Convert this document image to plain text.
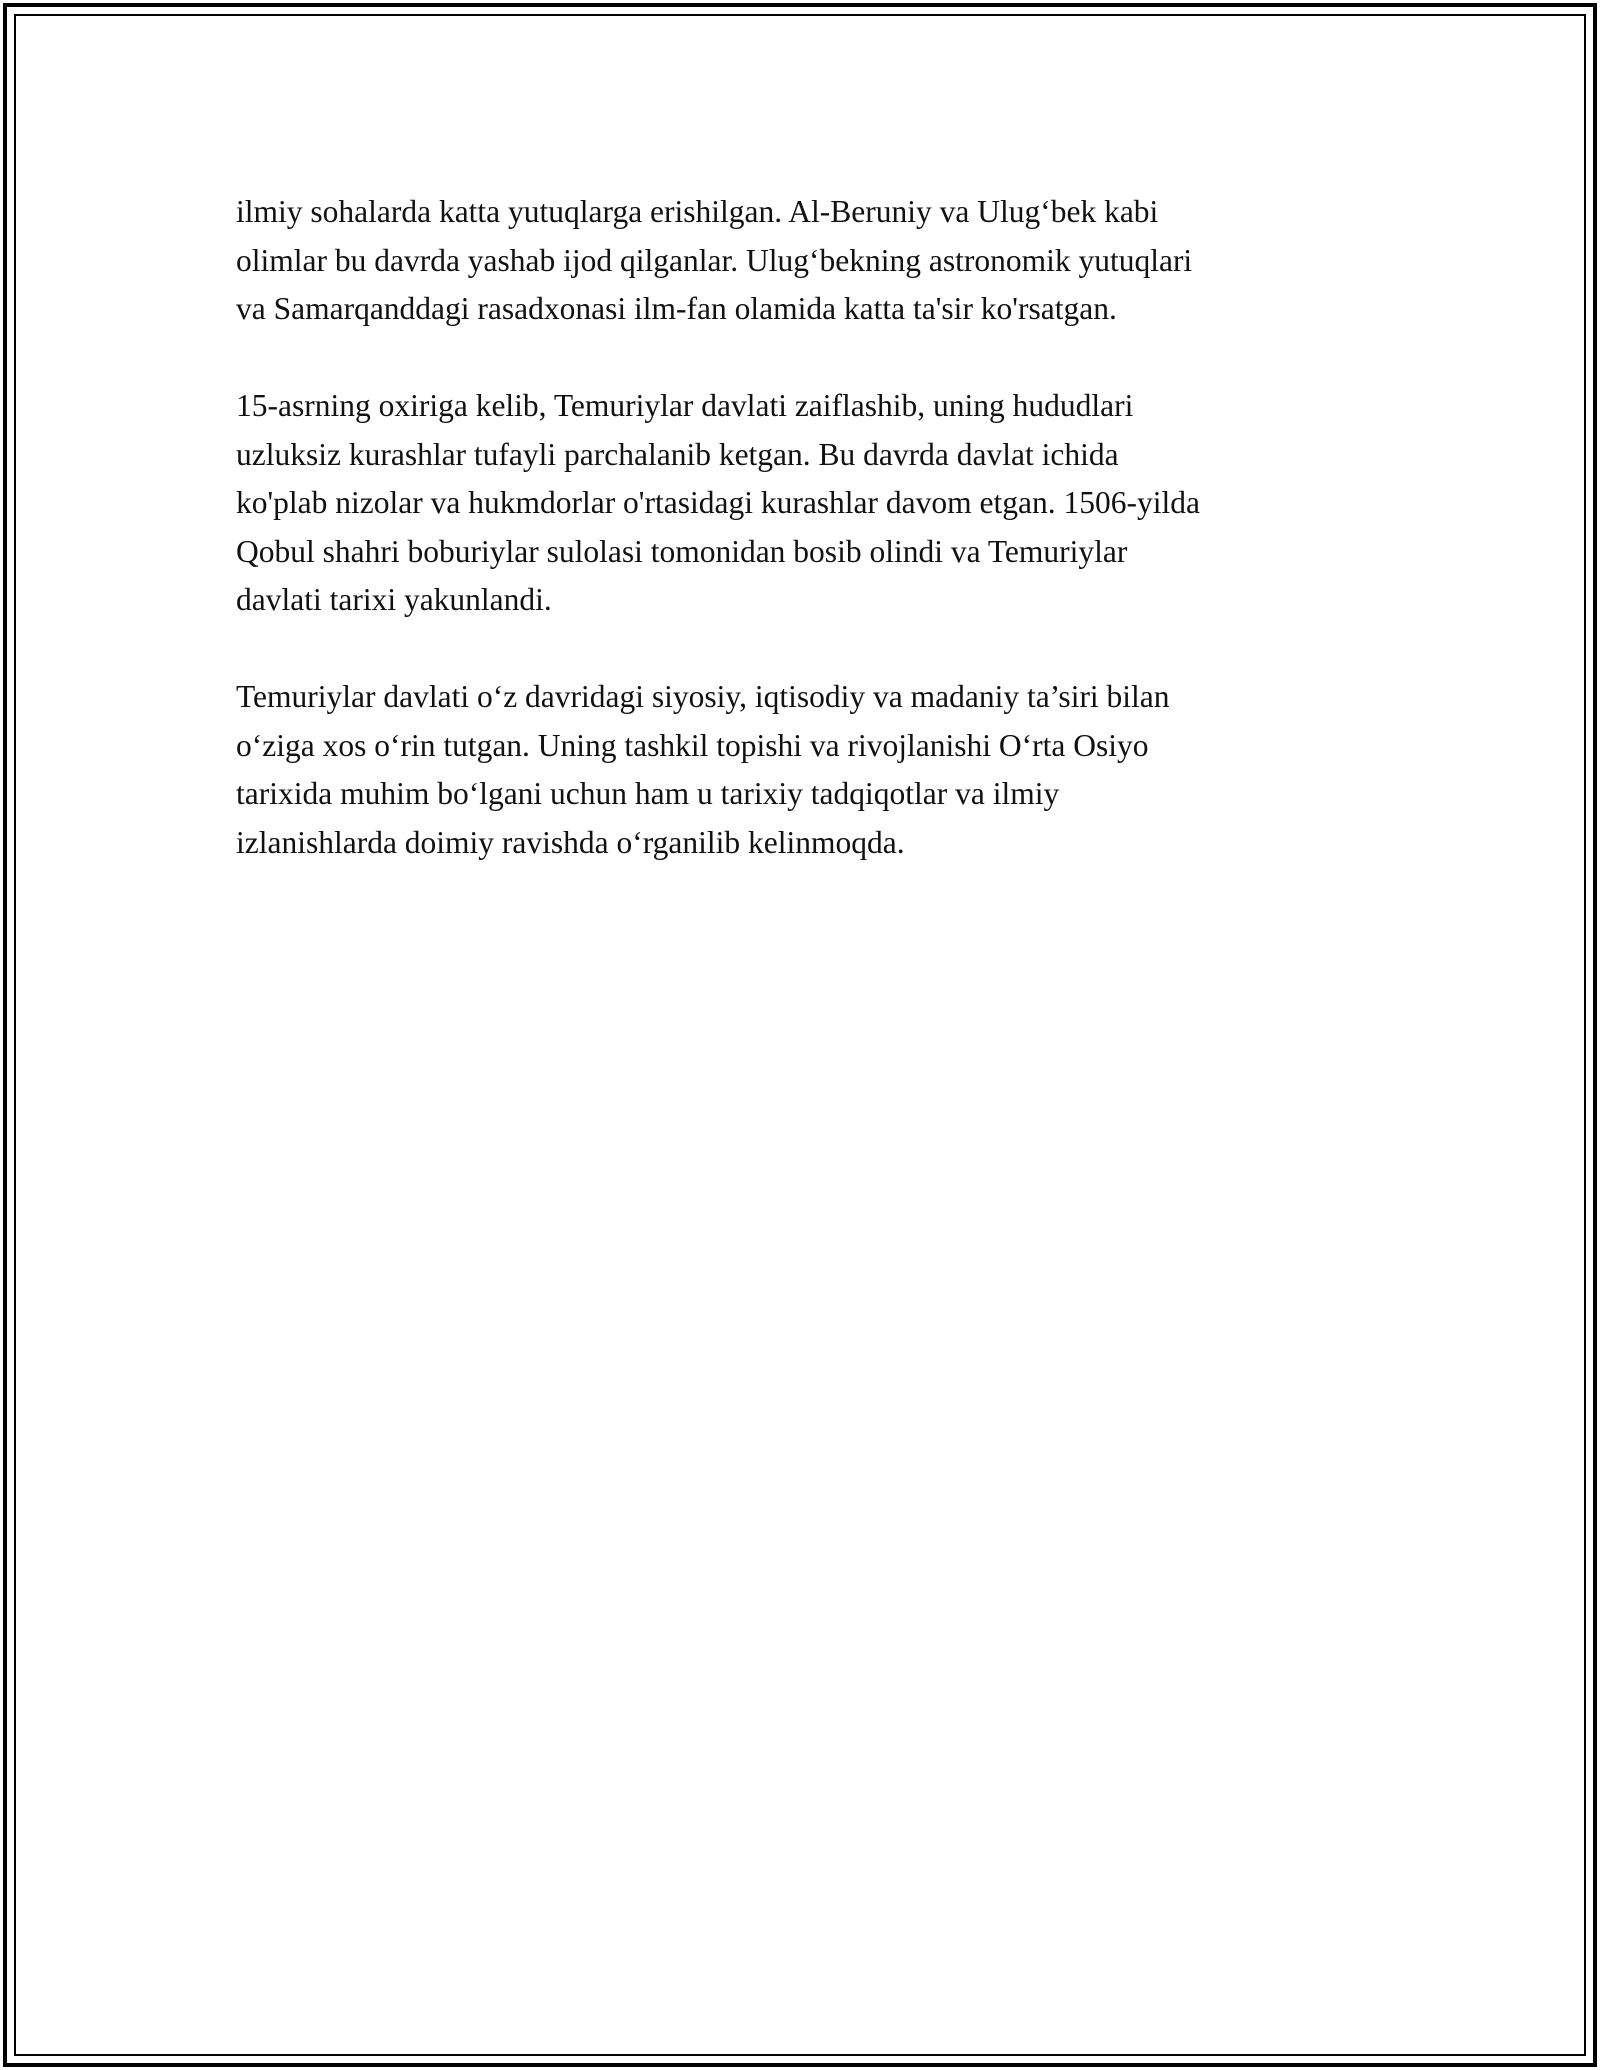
ilmiy sohalarda katta yutuqlarga erishilgan. Al-Beruniy va Ulug‘bek kabi
olimlar bu davrda yashab ijod qilganlar. Ulug‘bekning astronomik yutuqlari
va Samarqanddagi rasadxonasi ilm-fan olamida katta ta'sir ko'rsatgan.

15-asrning oxiriga kelib, Temuriylar davlati zaiflashib, uning hududlari
uzluksiz kurashlar tufayli parchalanib ketgan. Bu davrda davlat ichida
ko'plab nizolar va hukmdorlar o'rtasidagi kurashlar davom etgan. 1506-yilda
Qobul shahri boburiylar sulolasi tomonidan bosib olindi va Temuriylar
davlati tarixi yakunlandi.

Temuriylar davlati o‘z davridagi siyosiy, iqtisodiy va madaniy ta’siri bilan
o‘ziga xos o‘rin tutgan. Uning tashkil topishi va rivojlanishi O‘rta Osiyo
tarixida muhim bo‘lgani uchun ham u tarixiy tadqiqotlar va ilmiy
izlanishlarda doimiy ravishda o‘rganilib kelinmoqda.
